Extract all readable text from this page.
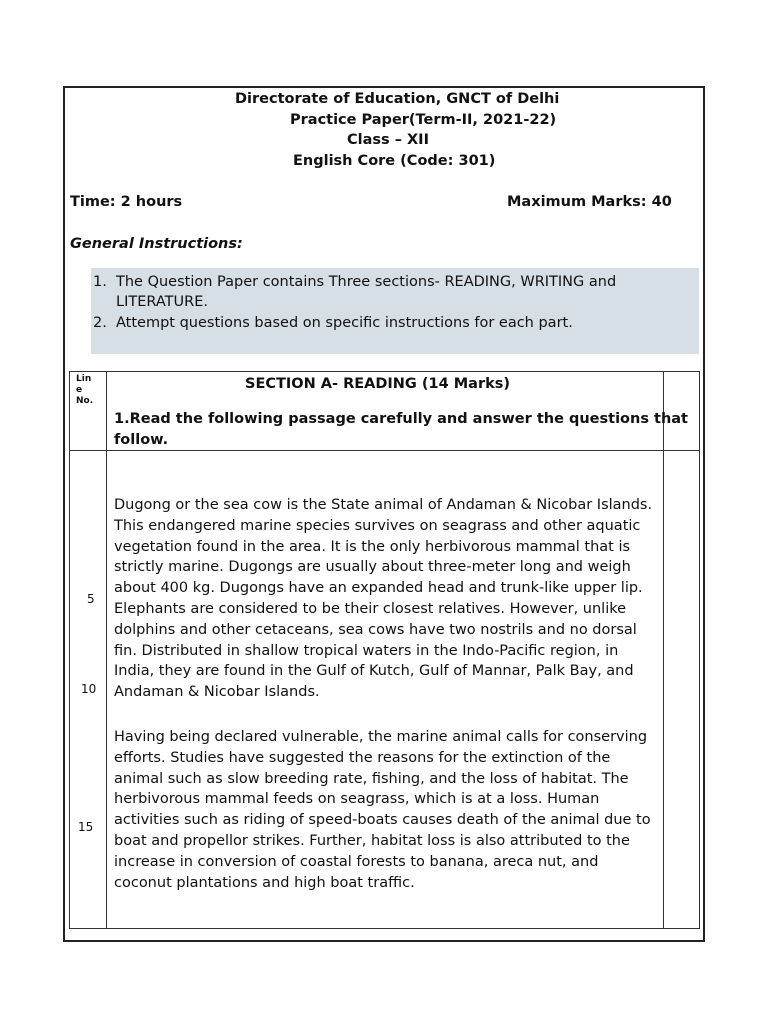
Directorate of Education, GNCT of Delhi
Practice Paper(Term-II, 2021-22)
Class – XII
English Core (Code: 301)
Time: 2 hours	Maximum Marks: 40
General Instructions:
1. The Question Paper contains Three sections- READING, WRITING and
LITERATURE.
2. Attempt questions based on specific instructions for each part.
Lin e No.
SECTION A- READING (14 Marks)
1.Read the following passage carefully and answer the questions that
follow.
5
10
15
Dugong or the sea cow is the State animal of Andaman & Nicobar Islands.
This endangered marine species survives on seagrass and other aquatic
vegetation found in the area. It is the only herbivorous mammal that is
strictly marine. Dugongs are usually about three-meter long and weigh
about 400 kg. Dugongs have an expanded head and trunk-like upper lip.
Elephants are considered to be their closest relatives. However, unlike
dolphins and other cetaceans, sea cows have two nostrils and no dorsal
fin. Distributed in shallow tropical waters in the Indo-Pacific region, in
India, they are found in the Gulf of Kutch, Gulf of Mannar, Palk Bay, and
Andaman & Nicobar Islands.
Having being declared vulnerable, the marine animal calls for conserving
efforts. Studies have suggested the reasons for the extinction of the
animal such as slow breeding rate, fishing, and the loss of habitat. The
herbivorous mammal feeds on seagrass, which is at a loss. Human
activities such as riding of speed-boats causes death of the animal due to
boat and propellor strikes. Further, habitat loss is also attributed to the
increase in conversion of coastal forests to banana, areca nut, and
coconut plantations and high boat traffic.
